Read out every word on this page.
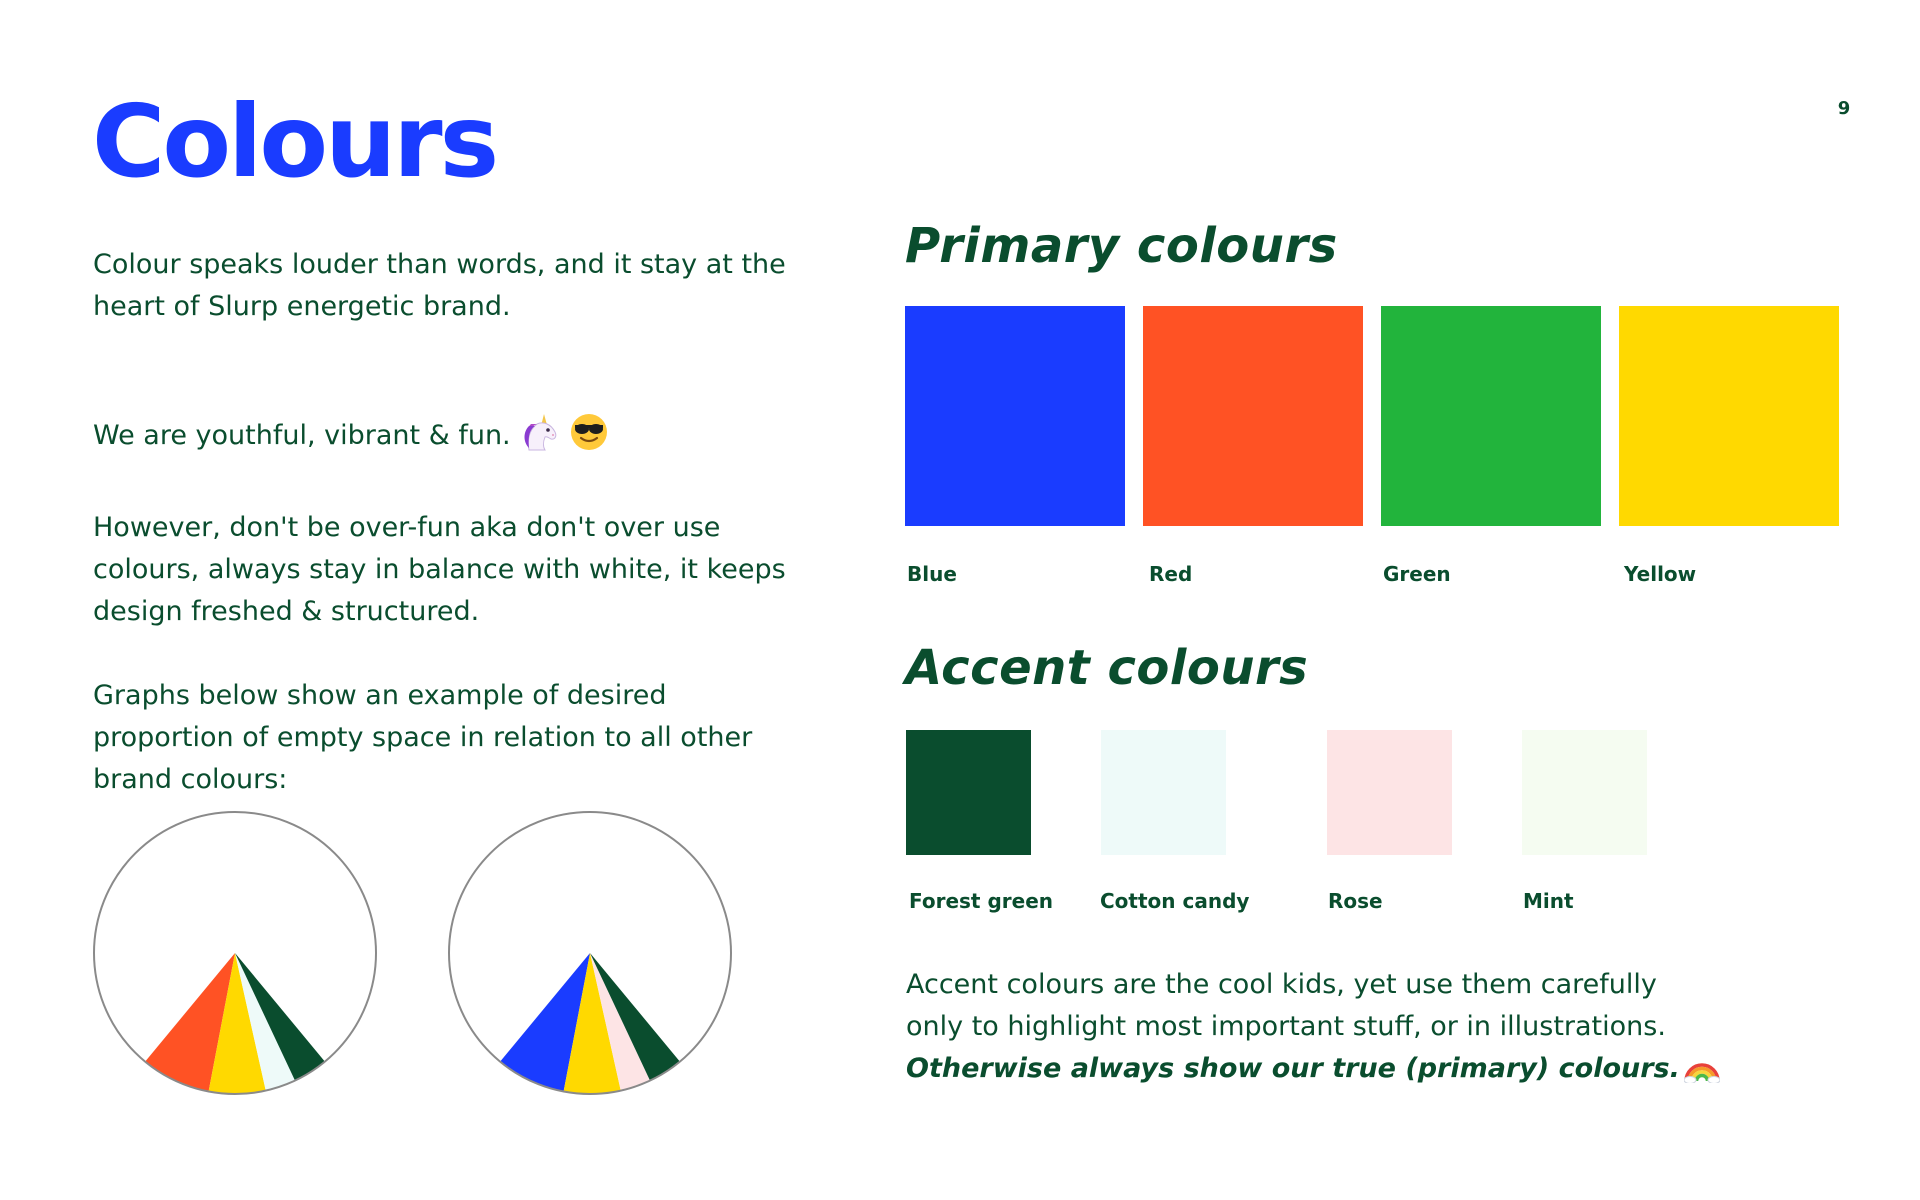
9
Colours

Colour speaks louder than words, and it stay at the
heart of Slurp energetic brand.

We are youthful, vibrant & fun.

However, don't be over-fun aka don't over use
colours, always stay in balance with white, it keeps
design freshed & structured.

Graphs below show an example of desired
proportion of empty space in relation to all other
brand colours:

Primary colours
Blue	Red	Green	Yellow
Accent colours
Forest green Cotton candy	Rose	Mint
Accent colours are the cool kids, yet use them carefully
only to highlight most important stuff, or in illustrations.
Otherwise always show our true (primary) colours.
